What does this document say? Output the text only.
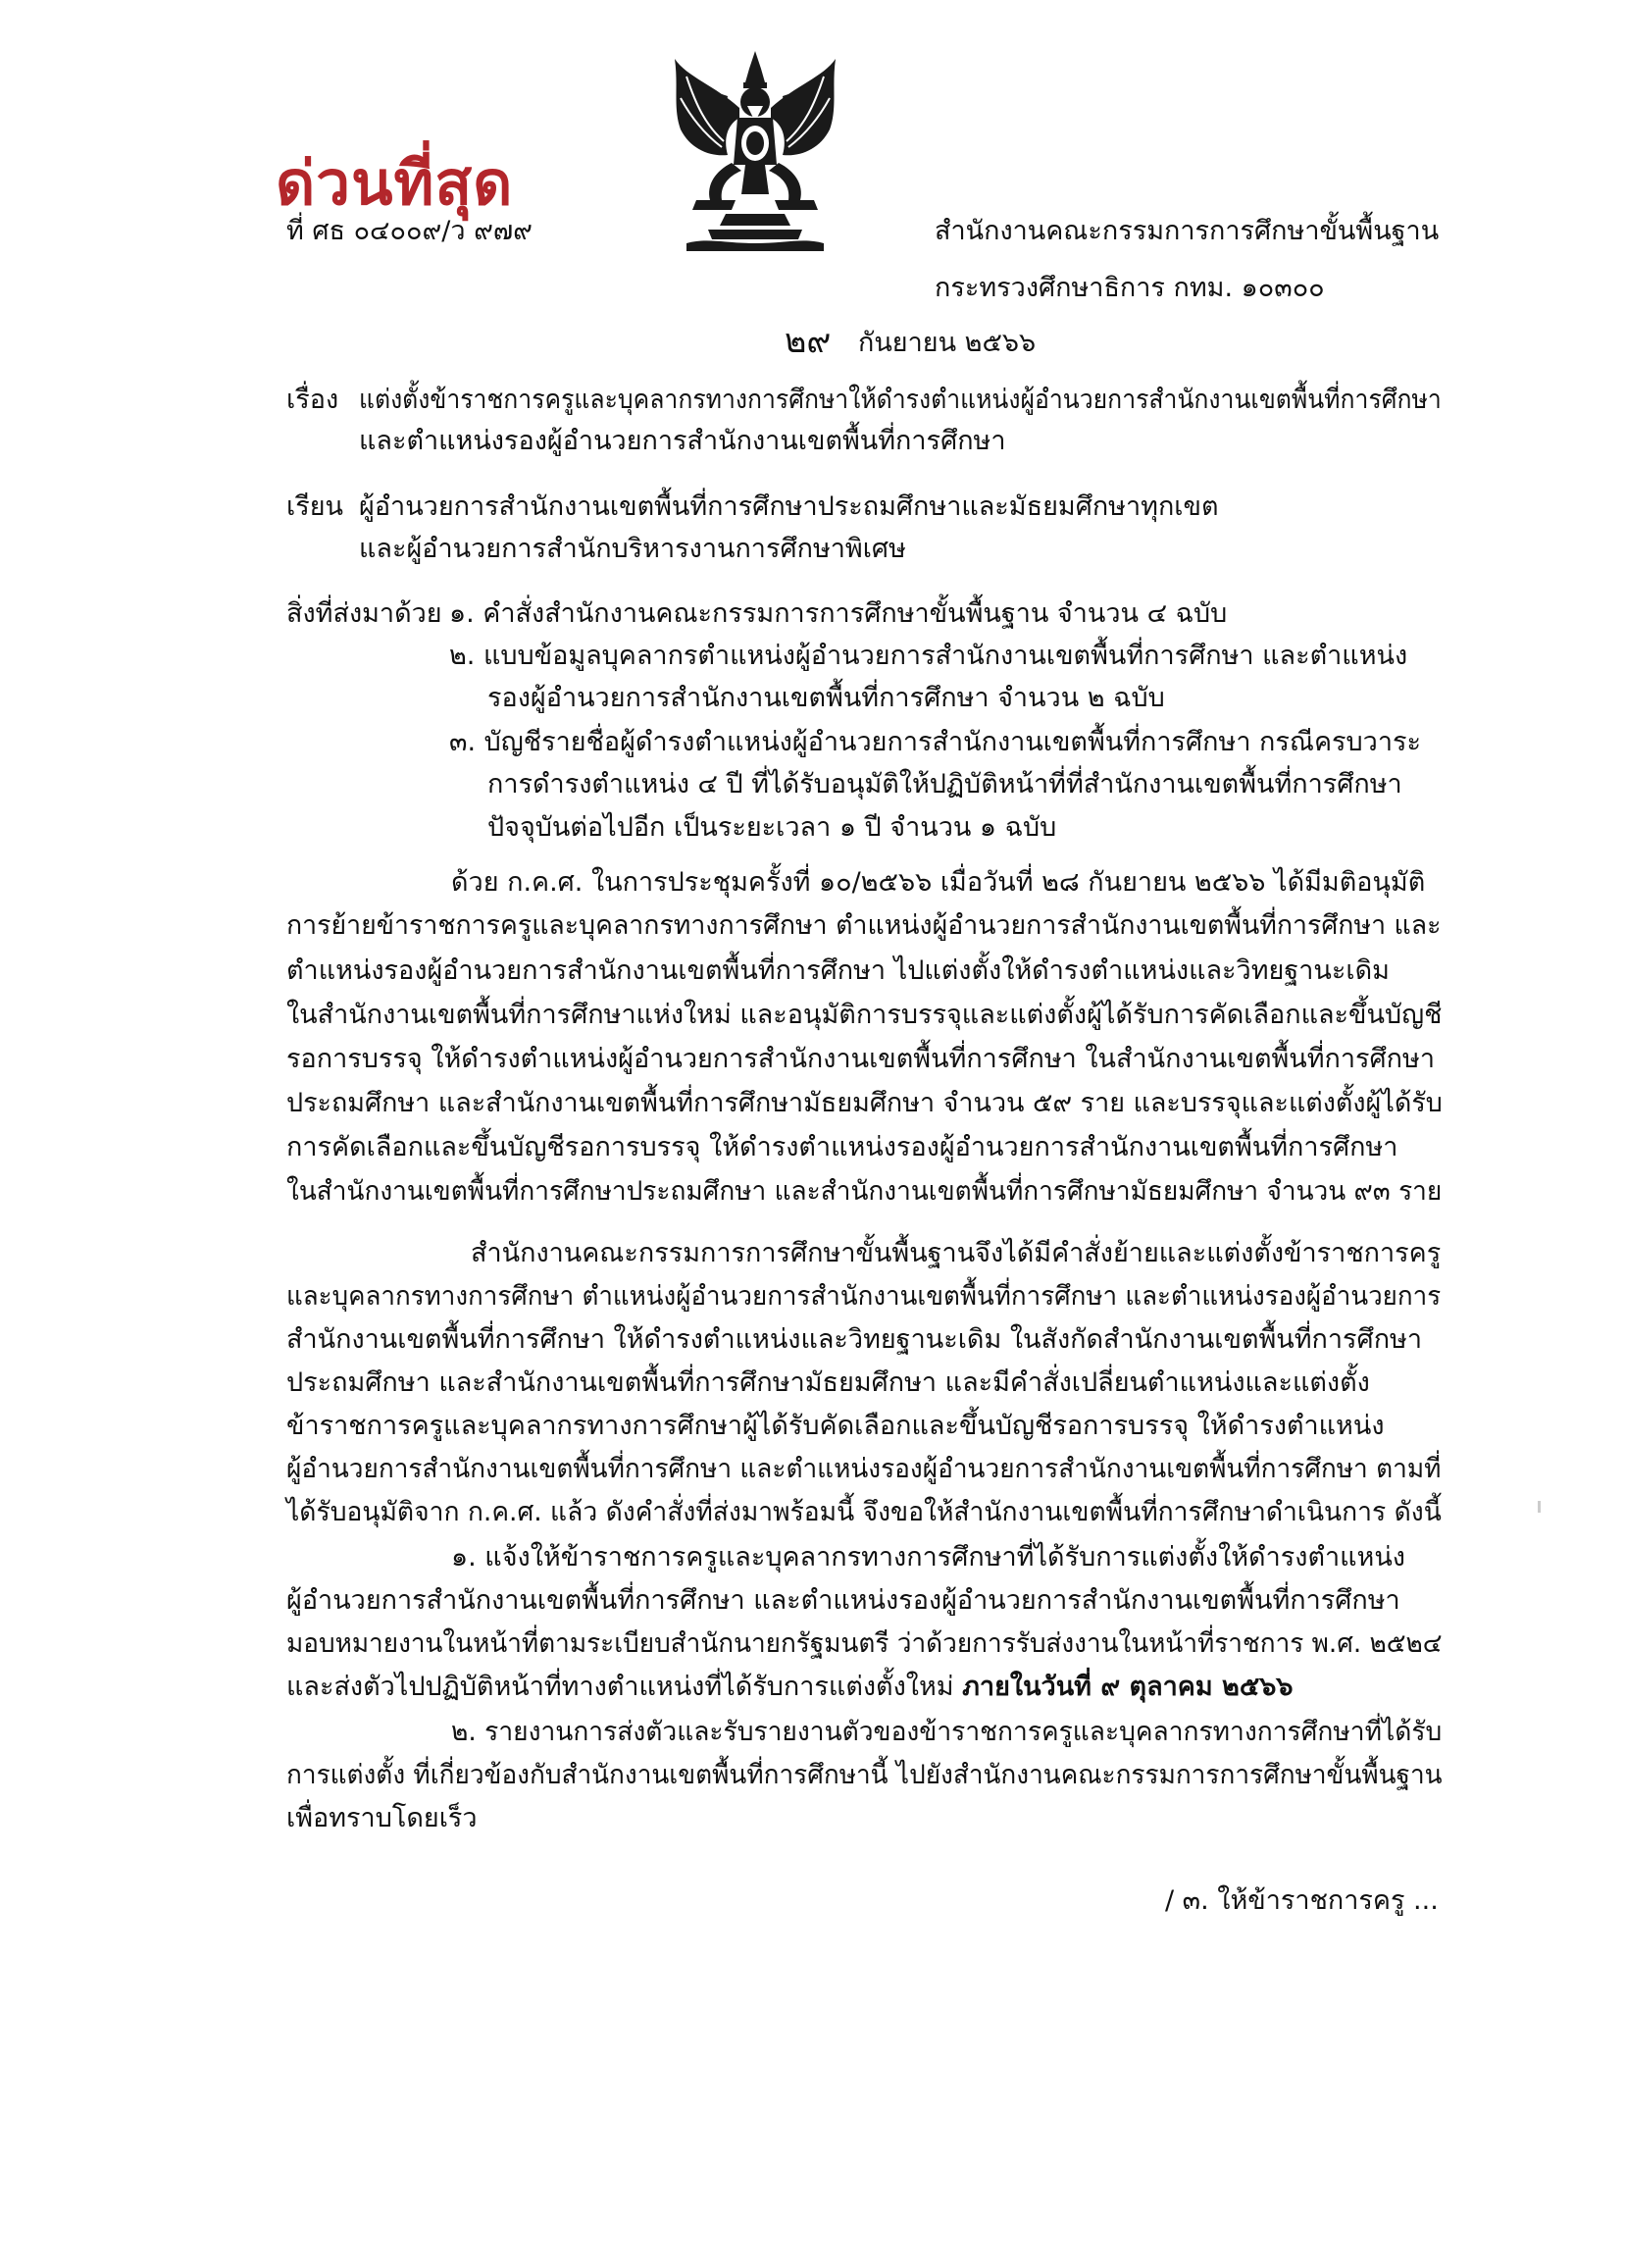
ด่วนที่สุด
ที่ ศธ ๐๔๐๐๙/ว ๙๗๙	สำนักงานคณะกรรมการการศึกษาขั้นพื้นฐาน
กระทรวงศึกษาธิการ กทม. ๑๐๓๐๐
๒๙ กันยายน ๒๕๖๖
เรื่อง แต่งตั้งข้าราชการครูและบุคลากรทางการศึกษาให้ดำรงตำแหน่งผู้อำนวยการสำนักงานเขตพื้นที่การศึกษา
และตำแหน่งรองผู้อำนวยการสำนักงานเขตพื้นที่การศึกษา
เรียน ผู้อำนวยการสำนักงานเขตพื้นที่การศึกษาประถมศึกษาและมัธยมศึกษาทุกเขต
และผู้อำนวยการสำนักบริหารงานการศึกษาพิเศษ
สิ่งที่ส่งมาด้วย ๑. คำสั่งสำนักงานคณะกรรมการการศึกษาขั้นพื้นฐาน จำนวน ๔ ฉบับ
๒. แบบข้อมูลบุคลากรตำแหน่งผู้อำนวยการสำนักงานเขตพื้นที่การศึกษา และตำแหน่ง
รองผู้อำนวยการสำนักงานเขตพื้นที่การศึกษา จำนวน ๒ ฉบับ
๓. บัญชีรายชื่อผู้ดำรงตำแหน่งผู้อำนวยการสำนักงานเขตพื้นที่การศึกษา กรณีครบวาระ
การดำรงตำแหน่ง ๔ ปี ที่ได้รับอนุมัติให้ปฏิบัติหน้าที่ที่สำนักงานเขตพื้นที่การศึกษา
ปัจจุบันต่อไปอีก เป็นระยะเวลา ๑ ปี จำนวน ๑ ฉบับ
ด้วย ก.ค.ศ. ในการประชุมครั้งที่ ๑๐/๒๕๖๖ เมื่อวันที่ ๒๘ กันยายน ๒๕๖๖ ได้มีมติอนุมัติ
การย้ายข้าราชการครูและบุคลากรทางการศึกษา ตำแหน่งผู้อำนวยการสำนักงานเขตพื้นที่การศึกษา และ
ตำแหน่งรองผู้อำนวยการสำนักงานเขตพื้นที่การศึกษา ไปแต่งตั้งให้ดำรงตำแหน่งและวิทยฐานะเดิม
ในสำนักงานเขตพื้นที่การศึกษาแห่งใหม่ และอนุมัติการบรรจุและแต่งตั้งผู้ได้รับการคัดเลือกและขึ้นบัญชี
รอการบรรจุ ให้ดำรงตำแหน่งผู้อำนวยการสำนักงานเขตพื้นที่การศึกษา ในสำนักงานเขตพื้นที่การศึกษา
ประถมศึกษา และสำนักงานเขตพื้นที่การศึกษามัธยมศึกษา จำนวน ๕๙ ราย และบรรจุและแต่งตั้งผู้ได้รับ
การคัดเลือกและขึ้นบัญชีรอการบรรจุ ให้ดำรงตำแหน่งรองผู้อำนวยการสำนักงานเขตพื้นที่การศึกษา
ในสำนักงานเขตพื้นที่การศึกษาประถมศึกษา และสำนักงานเขตพื้นที่การศึกษามัธยมศึกษา จำนวน ๙๓ ราย
สำนักงานคณะกรรมการการศึกษาขั้นพื้นฐานจึงได้มีคำสั่งย้ายและแต่งตั้งข้าราชการครู
และบุคลากรทางการศึกษา ตำแหน่งผู้อำนวยการสำนักงานเขตพื้นที่การศึกษา และตำแหน่งรองผู้อำนวยการ
สำนักงานเขตพื้นที่การศึกษา ให้ดำรงตำแหน่งและวิทยฐานะเดิม ในสังกัดสำนักงานเขตพื้นที่การศึกษา
ประถมศึกษา และสำนักงานเขตพื้นที่การศึกษามัธยมศึกษา และมีคำสั่งเปลี่ยนตำแหน่งและแต่งตั้ง
ข้าราชการครูและบุคลากรทางการศึกษาผู้ได้รับคัดเลือกและขึ้นบัญชีรอการบรรจุ ให้ดำรงตำแหน่ง
ผู้อำนวยการสำนักงานเขตพื้นที่การศึกษา และตำแหน่งรองผู้อำนวยการสำนักงานเขตพื้นที่การศึกษา ตามที่
ได้รับอนุมัติจาก ก.ค.ศ. แล้ว ดังคำสั่งที่ส่งมาพร้อมนี้ จึงขอให้สำนักงานเขตพื้นที่การศึกษาดำเนินการ ดังนี้
๑. แจ้งให้ข้าราชการครูและบุคลากรทางการศึกษาที่ได้รับการแต่งตั้งให้ดำรงตำแหน่ง
ผู้อำนวยการสำนักงานเขตพื้นที่การศึกษา และตำแหน่งรองผู้อำนวยการสำนักงานเขตพื้นที่การศึกษา
มอบหมายงานในหน้าที่ตามระเบียบสำนักนายกรัฐมนตรี ว่าด้วยการรับส่งงานในหน้าที่ราชการ พ.ศ. ๒๕๒๔
และส่งตัวไปปฏิบัติหน้าที่ทางตำแหน่งที่ได้รับการแต่งตั้งใหม่ ภายในวันที่ ๙ ตุลาคม ๒๕๖๖
๒. รายงานการส่งตัวและรับรายงานตัวของข้าราชการครูและบุคลากรทางการศึกษาที่ได้รับ
การแต่งตั้ง ที่เกี่ยวข้องกับสำนักงานเขตพื้นที่การศึกษานี้ ไปยังสำนักงานคณะกรรมการการศึกษาขั้นพื้นฐาน
เพื่อทราบโดยเร็ว
/ ๓. ให้ข้าราชการครู ...
